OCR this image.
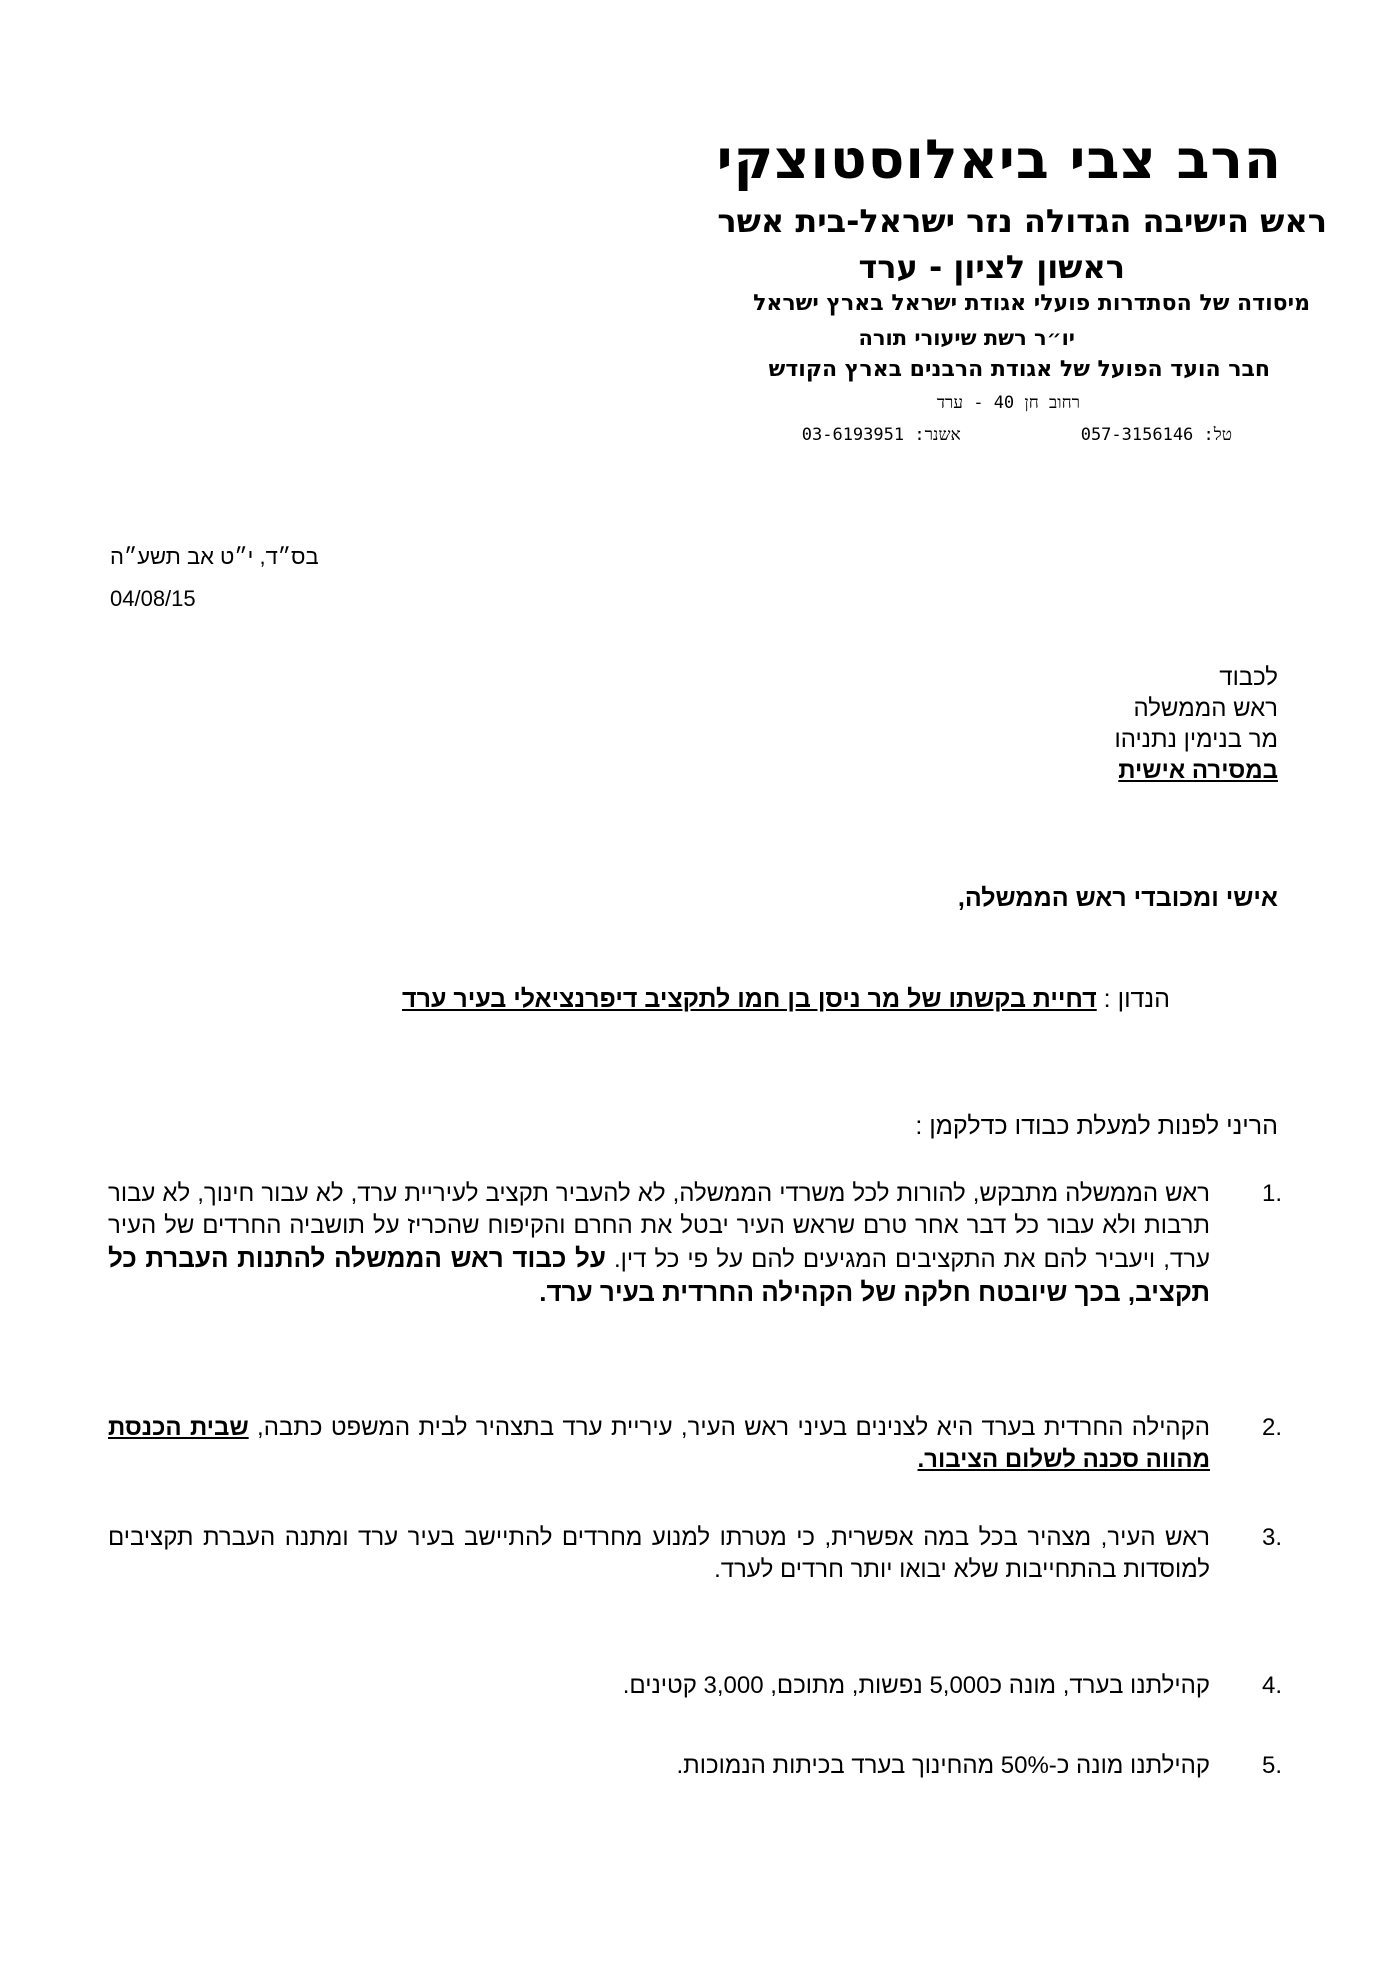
הרב צבי ביאלוסטוצקי
ראש הישיבה הגדולה נזר ישראל-בית אשר
ראשון לציון - ערד
מיסודה של הסתדרות פועלי אגודת ישראל בארץ ישראל
יו״ר רשת שיעורי תורה
חבר הועד הפועל של אגודת הרבנים בארץ הקודש
רחוב חן 40 - ערד
טל: 057-3156146אשנר: 03-6193951
בס״ד, י״ט אב תשע״ה
04/08/15
לכבוד
ראש הממשלה
מר בנימין נתניהו
במסירה אישית
אישי ומכובדי ראש הממשלה,
הנדון : דחיית בקשתו של מר ניסן בן חמו לתקציב דיפרנציאלי בעיר ערד
הריני לפנות למעלת כבודו כדלקמן :
1.
ראש הממשלה מתבקש, להורות לכל משרדי הממשלה, לא להעביר תקציב לעיריית ערד, לא עבור חינוך, לא עבור תרבות ולא עבור כל דבר אחר טרם שראש העיר יבטל את החרם והקיפוח שהכריז על תושביה החרדים של העיר ערד, ויעביר להם את התקציבים המגיעים להם על פי כל דין. על כבוד ראש הממשלה להתנות העברת כל תקציב, בכך שיובטח חלקה של הקהילה החרדית בעיר ערד.
2.
הקהילה החרדית בערד היא לצנינים בעיני ראש העיר, עיריית ערד בתצהיר לבית המשפט כתבה, שבית הכנסת מהווה סכנה לשלום הציבור.
3.
ראש העיר, מצהיר בכל במה אפשרית, כי מטרתו למנוע מחרדים להתיישב בעיר ערד ומתנה העברת תקציבים למוסדות בהתחייבות שלא יבואו יותר חרדים לערד.
4.
קהילתנו בערד, מונה כ5,000 נפשות, מתוכם, 3,000 קטינים.
5.
קהילתנו מונה כ-50% מהחינוך בערד בכיתות הנמוכות.
